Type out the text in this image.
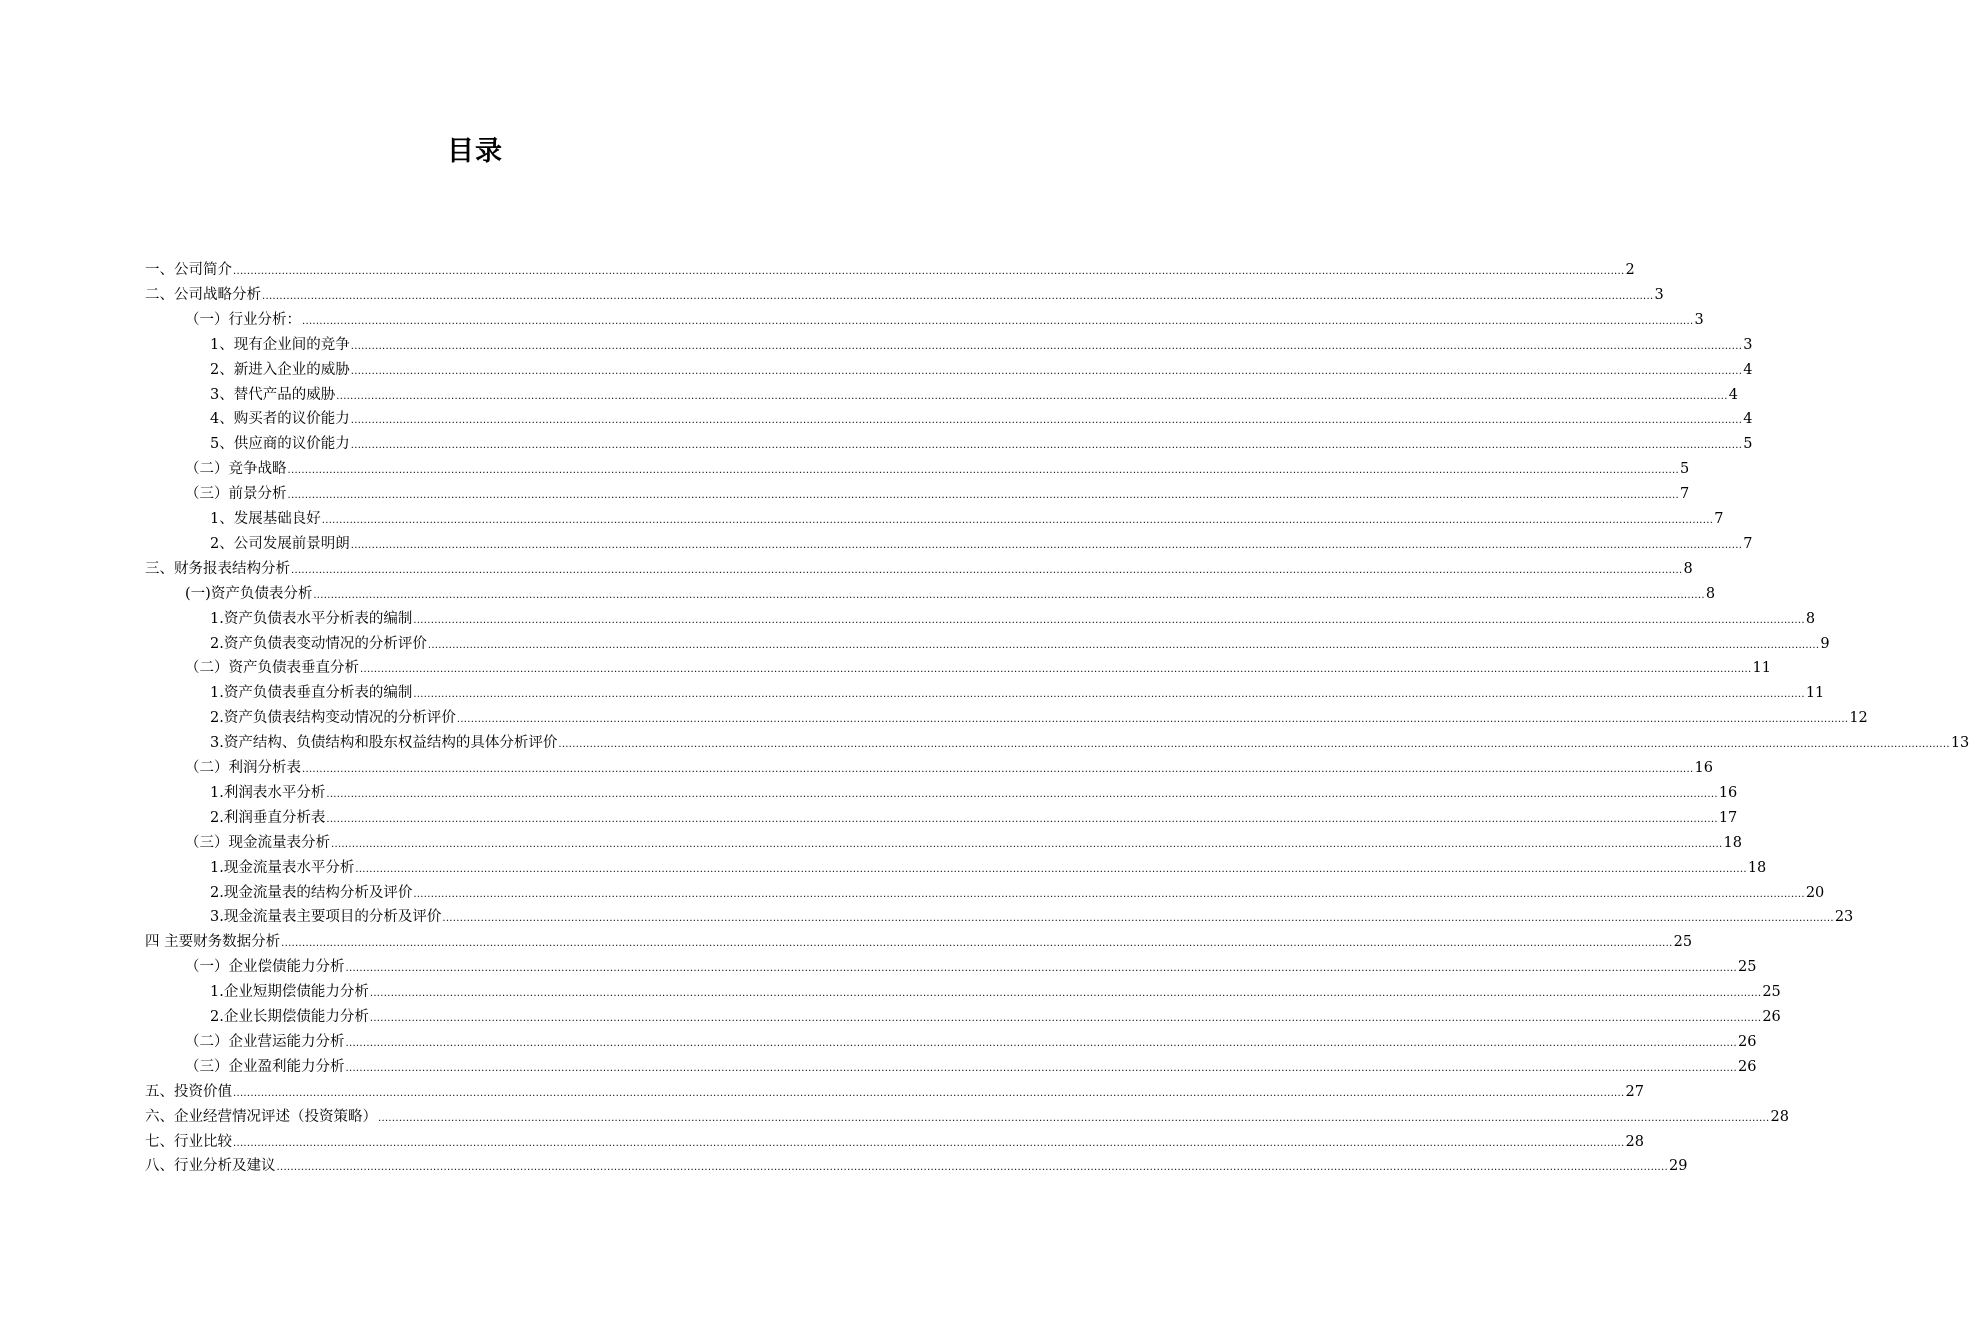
目录
一、公司简介 ................................................................................................................................................................................................................................................................................................................................................................................................................ 2
二、公司战略分析 ................................................................................................................................................................................................................................................................................................................................................................................................................ 3
（一）行业分析： ................................................................................................................................................................................................................................................................................................................................................................................................................ 3
1、现有企业间的竞争 ................................................................................................................................................................................................................................................................................................................................................................................................................ 3
2、新进入企业的威胁 ................................................................................................................................................................................................................................................................................................................................................................................................................ 4
3、替代产品的威胁 ................................................................................................................................................................................................................................................................................................................................................................................................................ 4
4、购买者的议价能力 ................................................................................................................................................................................................................................................................................................................................................................................................................ 4
5、供应商的议价能力 ................................................................................................................................................................................................................................................................................................................................................................................................................ 5
（二）竞争战略 ................................................................................................................................................................................................................................................................................................................................................................................................................ 5
（三）前景分析 ................................................................................................................................................................................................................................................................................................................................................................................................................ 7
1、发展基础良好 ................................................................................................................................................................................................................................................................................................................................................................................................................ 7
2、公司发展前景明朗 ................................................................................................................................................................................................................................................................................................................................................................................................................ 7
三、财务报表结构分析 ................................................................................................................................................................................................................................................................................................................................................................................................................ 8
(一)资产负债表分析 ................................................................................................................................................................................................................................................................................................................................................................................................................ 8
1.资产负债表水平分析表的编制 ................................................................................................................................................................................................................................................................................................................................................................................................................ 8
2.资产负债表变动情况的分析评价 ................................................................................................................................................................................................................................................................................................................................................................................................................ 9
（二）资产负债表垂直分析 ................................................................................................................................................................................................................................................................................................................................................................................................................ 11
1.资产负债表垂直分析表的编制 ................................................................................................................................................................................................................................................................................................................................................................................................................ 11
2.资产负债表结构变动情况的分析评价 ................................................................................................................................................................................................................................................................................................................................................................................................................ 12
3.资产结构、负债结构和股东权益结构的具体分析评价 ................................................................................................................................................................................................................................................................................................................................................................................................................ 13
（二）利润分析表 ................................................................................................................................................................................................................................................................................................................................................................................................................ 16
1.利润表水平分析 ................................................................................................................................................................................................................................................................................................................................................................................................................ 16
2.利润垂直分析表 ................................................................................................................................................................................................................................................................................................................................................................................................................ 17
（三）现金流量表分析 ................................................................................................................................................................................................................................................................................................................................................................................................................ 18
1.现金流量表水平分析 ................................................................................................................................................................................................................................................................................................................................................................................................................ 18
2.现金流量表的结构分析及评价 ................................................................................................................................................................................................................................................................................................................................................................................................................ 20
3.现金流量表主要项目的分析及评价 ................................................................................................................................................................................................................................................................................................................................................................................................................ 23
四 主要财务数据分析 ................................................................................................................................................................................................................................................................................................................................................................................................................ 25
（一）企业偿债能力分析 ................................................................................................................................................................................................................................................................................................................................................................................................................ 25
1.企业短期偿债能力分析 ................................................................................................................................................................................................................................................................................................................................................................................................................ 25
2.企业长期偿债能力分析 ................................................................................................................................................................................................................................................................................................................................................................................................................ 26
（二）企业营运能力分析 ................................................................................................................................................................................................................................................................................................................................................................................................................ 26
（三）企业盈利能力分析 ................................................................................................................................................................................................................................................................................................................................................................................................................ 26
五、投资价值 ................................................................................................................................................................................................................................................................................................................................................................................................................ 27
六、企业经营情况评述（投资策略） ................................................................................................................................................................................................................................................................................................................................................................................................................ 28
七、行业比较 ................................................................................................................................................................................................................................................................................................................................................................................................................ 28
八、行业分析及建议 ................................................................................................................................................................................................................................................................................................................................................................................................................ 29
